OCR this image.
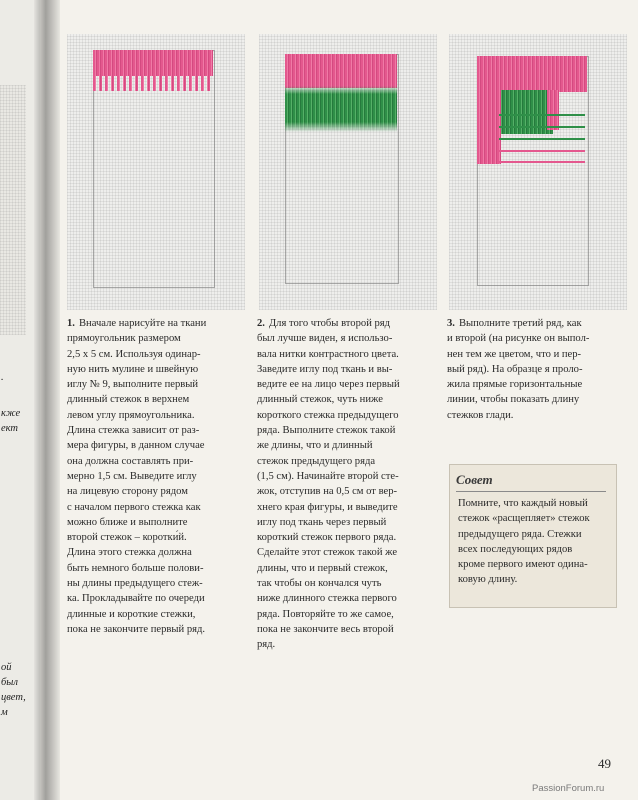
.
кже
ект
ой
был
цвет,
м
1. Вначале нарисуйте на ткани
прямоугольник размером
2,5 х 5 см. Используя одинар-
ную нить мулине и швейную
иглу № 9, выполните первый
длинный стежок в верхнем
левом углу прямоугольника.
Длина стежка зависит от раз-
мера фигуры, в данном случае
она должна составлять при-
мерно 1,5 см. Выведите иглу
на лицевую сторону рядом
с началом первого стежка как
можно ближе и выполните
второй стежок – коротки́й.
Длина этого стежка должна
быть немного больше полови-
ны длины предыдущего стеж-
ка. Прокладывайте по очереди
длинные и короткие стежки,
пока не закончите первый ряд.
2. Для того чтобы второй ряд
был лучше виден, я использо-
вала нитки контрастного цвета.
Заведите иглу под ткань и вы-
ведите ее на лицо через первый
длинный стежок, чуть ниже
короткого стежка предыдущего
ряда. Выполните стежок такой
же длины, что и длинный
стежок предыдущего ряда
(1,5 см). Начинайте второй сте-
жок, отступив на 0,5 см от вер-
хнего края фигуры, и выведите
иглу под ткань через первый
короткий стежок первого ряда.
Сделайте этот стежок такой же
длины, что и первый стежок,
так чтобы он кончался чуть
ниже длинного стежка первого
ряда. Повторяйте то же самое,
пока не закончите весь второй
ряд.
3. Выполните третий ряд, как
и второй (на рисунке он выпол-
нен тем же цветом, что и пер-
вый ряд). На образце я проло-
жила прямые горизонтальные
линии, чтобы показать длину
стежков глади.
Совет
Помните, что каждый новый
стежок «расщепляет» стежок
предыдущего ряда. Стежки
всех последующих рядов
кроме первого имеют одина-
ковую длину.
49
PassionForum.ru
